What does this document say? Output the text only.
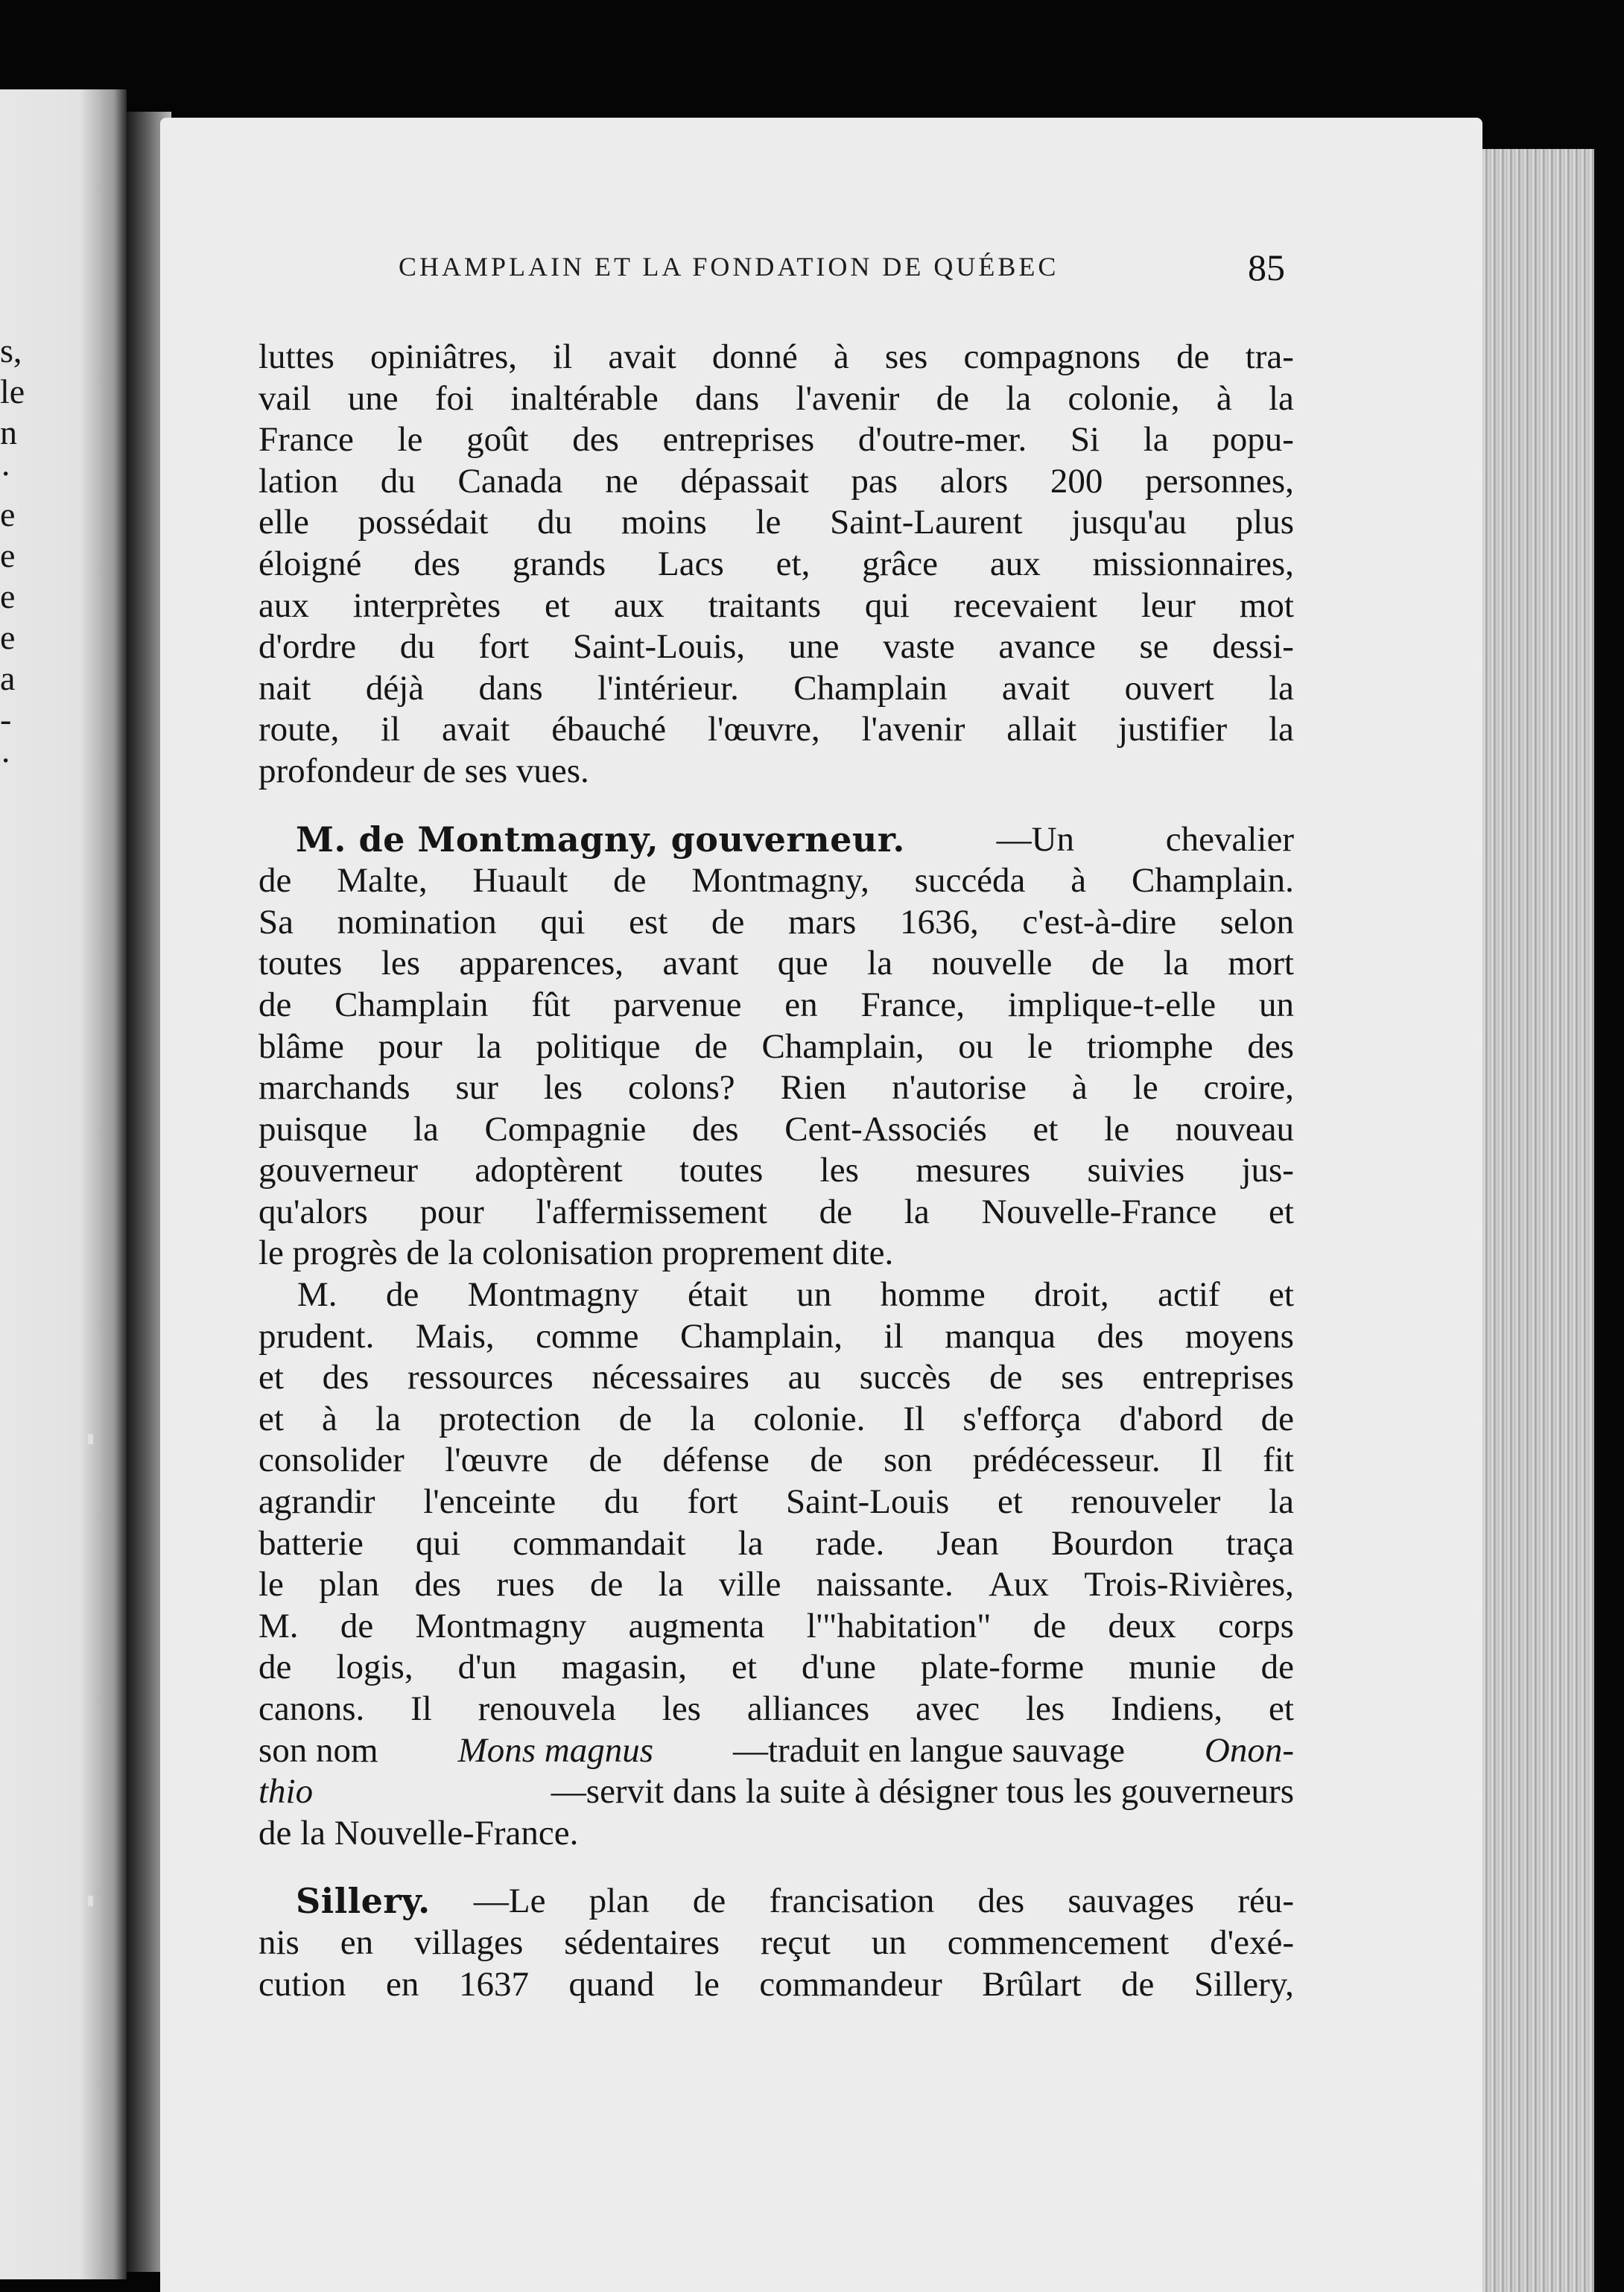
s,
le
n
·
e
e
e
e
a
-
·
CHAMPLAIN ET LA FONDATION DE QUÉBEC	85
luttes opiniâtres, il avait donné à ses compagnons de tra-
vail une foi inaltérable dans l'avenir de la colonie, à la
France le goût des entreprises d'outre-mer. Si la popu-
lation du Canada ne dépassait pas alors 200 personnes,
elle possédait du moins le Saint-Laurent jusqu'au plus
éloigné des grands Lacs et, grâce aux missionnaires,
aux interprètes et aux traitants qui recevaient leur mot
d'ordre du fort Saint-Louis, une vaste avance se dessi-
nait déjà dans l'intérieur. Champlain avait ouvert la
route, il avait ébauché l'œuvre, l'avenir allait justifier la
profondeur de ses vues.
M. de Montmagny, gouverneur.	—Un	chevalier
de Malte, Huault de Montmagny, succéda à Champlain.
Sa nomination qui est de mars 1636, c'est-à-dire selon
toutes les apparences, avant que la nouvelle de la mort
de Champlain fût parvenue en France, implique-t-elle un
blâme pour la politique de Champlain, ou le triomphe des
marchands sur les colons? Rien n'autorise à le croire,
puisque la Compagnie des Cent-Associés et le nouveau
gouverneur adoptèrent toutes les mesures suivies jus-
qu'alors pour l'affermissement de la Nouvelle-France et
le progrès de la colonisation proprement dite.
M. de Montmagny était un homme droit, actif et
prudent. Mais, comme Champlain, il manqua des moyens
et des ressources nécessaires au succès de ses entreprises
et à la protection de la colonie. Il s'efforça d'abord de
consolider l'œuvre de défense de son prédécesseur. Il fit
agrandir l'enceinte du fort Saint-Louis et renouveler la
batterie qui commandait la rade. Jean Bourdon traça
le plan des rues de la ville naissante. Aux Trois-Rivières,
M. de Montmagny augmenta l'"habitation" de deux corps
de logis, d'un magasin, et d'une plate-forme munie de
canons. Il renouvela les alliances avec les Indiens, et
son nom Mons magnus —traduit en langue sauvage Onon-
thio	—servit dans la suite à désigner tous les gouverneurs
de la Nouvelle-France.
Sillery. —Le plan de francisation des sauvages réu-
nis en villages sédentaires reçut un commencement d'exé-
cution en 1637 quand le commandeur Brûlart de Sillery,
